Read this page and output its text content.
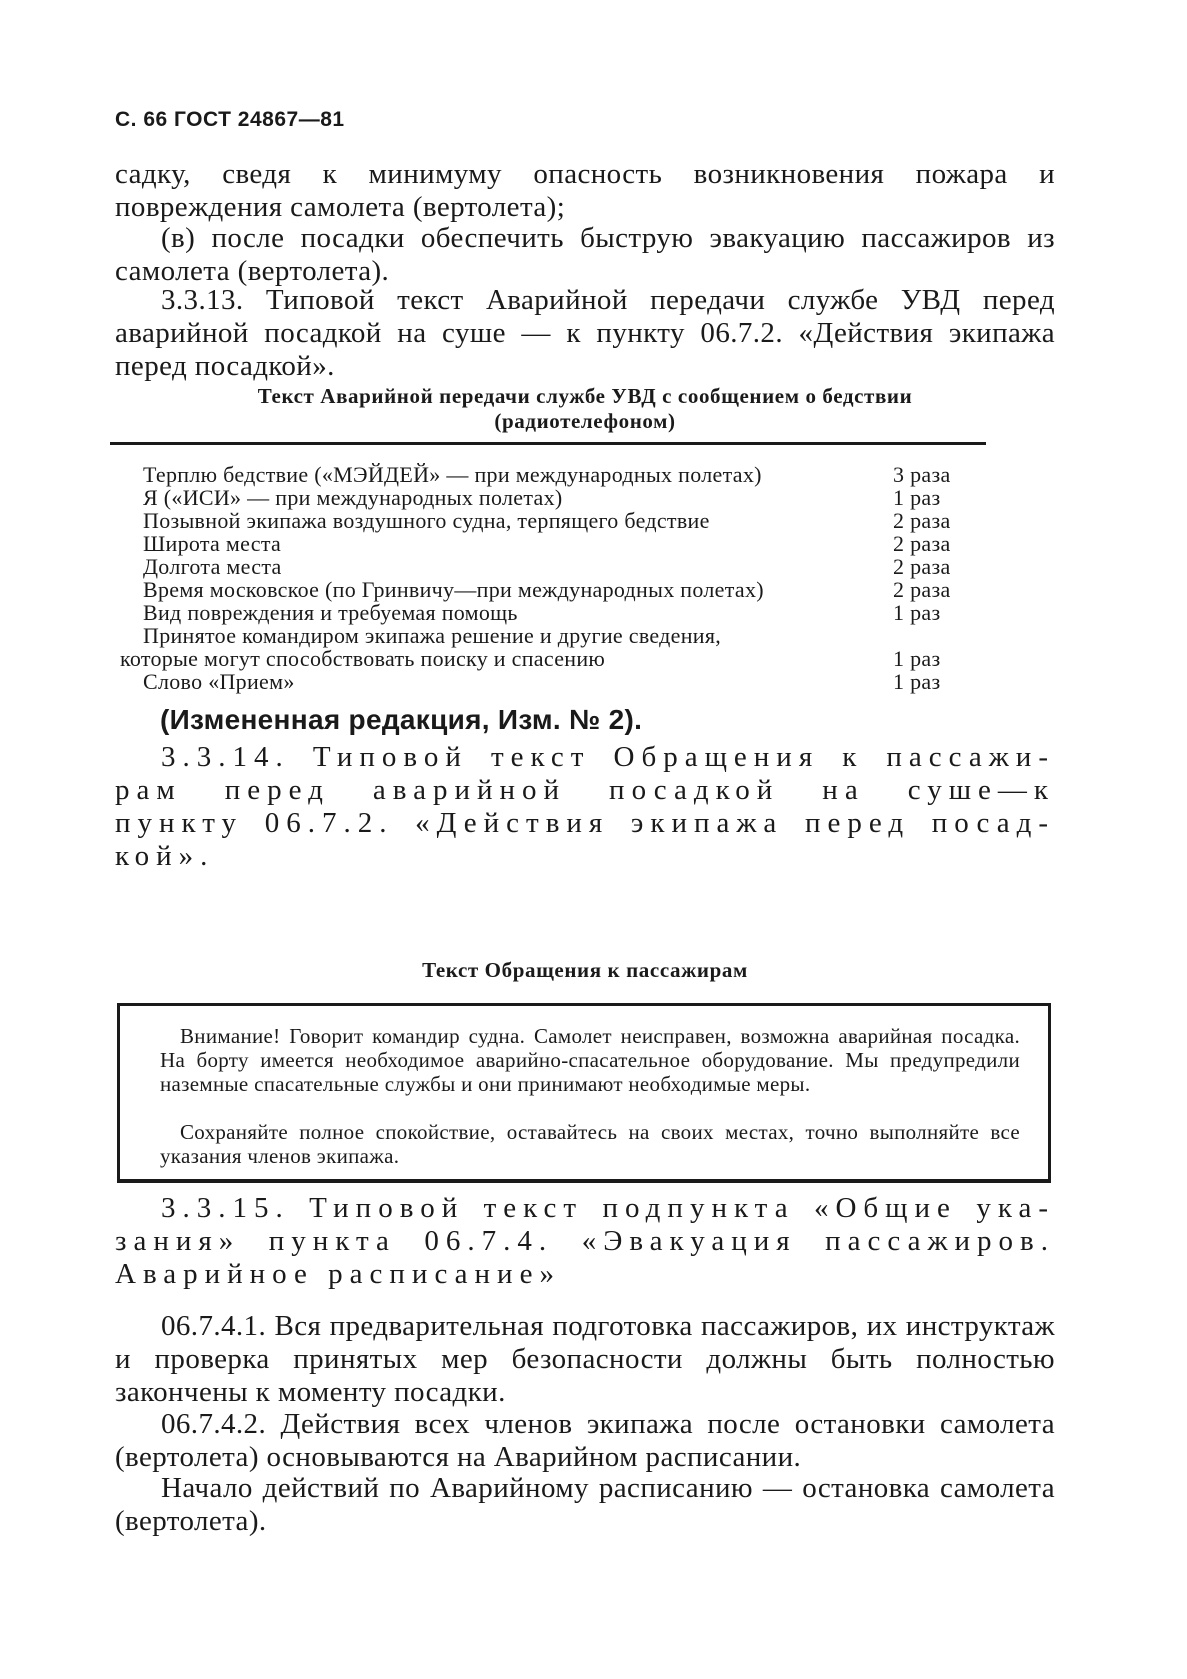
С. 66 ГОСТ 24867—81
садку, сведя к минимуму опасность возникновения пожара и повреждения самолета (вертолета);
(в) после посадки обеспечить быструю эвакуацию пассажиров из самолета (вертолета).
3.3.13. Типовой текст Аварийной передачи службе УВД перед аварийной посадкой на суше — к пункту 06.7.2. «Действия экипажа перед посадкой».
Текст Аварийной передачи службе УВД с сообщением о бедствии
(радиотелефоном)
Терплю бедствие («МЭЙДЕЙ» — при международных полетах)	3 раза
Я («ИСИ» — при международных полетах)	1 раз
Позывной экипажа воздушного судна, терпящего бедствие	2 раза
Широта места	2 раза
Долгота места	2 раза
Время московское (по Гринвичу—при международных полетах)	2 раза
Вид повреждения и требуемая помощь	1 раз
Принятое командиром экипажа решение и другие сведения,
которые могут способствовать поиску и спасению	1 раз
Слово «Прием»	1 раз
(Измененная редакция, Изм. № 2).
3.3.14. Типовой текст Обращения к пассажи-
рам перед аварийной посадкой на суше—к
пункту 06.7.2. «Действия экипажа перед посад-
кой».
Текст Обращения к пассажирам
Внимание! Говорит командир судна. Самолет неисправен, возможна аварийная посадка. На борту имеется необходимое аварийно-спасательное оборудование. Мы предупредили наземные спасательные службы и они принимают необходимые меры.
Сохраняйте полное спокойствие, оставайтесь на своих местах, точно выполняйте все указания членов экипажа.
3.3.15. Типовой текст подпункта «Общие ука-
зания» пункта 06.7.4. «Эвакуация пассажиров.
Аварийное расписание»
06.7.4.1. Вся предварительная подготовка пассажиров, их инструктаж и проверка принятых мер безопасности должны быть полностью закончены к моменту посадки.
06.7.4.2. Действия всех членов экипажа после остановки самолета (вертолета) основываются на Аварийном расписании.
Начало действий по Аварийному расписанию — остановка самолета (вертолета).
